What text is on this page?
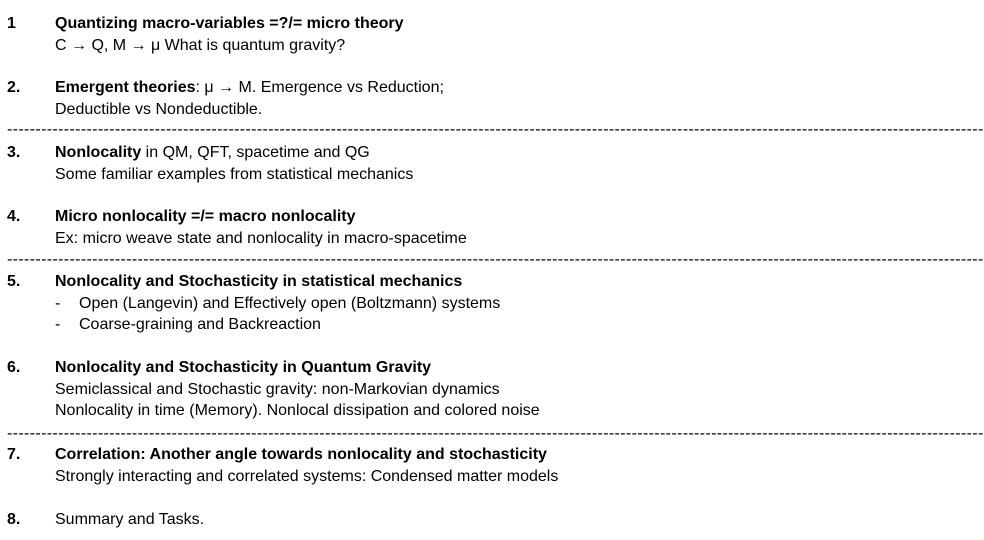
1 Quantizing macro-variables =?/= micro theory
C → Q, M → μ What is quantum gravity?
2. Emergent theories: μ → M. Emergence vs Reduction;
Deductible vs Nondeductible.
----------------------------------------------------------------------------------------------------------------------------------------------------------------------------
3. Nonlocality in QM, QFT, spacetime and QG
Some familiar examples from statistical mechanics
4. Micro nonlocality =/= macro nonlocality
Ex: micro weave state and nonlocality in macro-spacetime
----------------------------------------------------------------------------------------------------------------------------------------------------------------------------
5. Nonlocality and Stochasticity in statistical mechanics
- Open (Langevin) and Effectively open (Boltzmann) systems
- Coarse-graining and Backreaction
6. Nonlocality and Stochasticity in Quantum Gravity
Semiclassical and Stochastic gravity: non-Markovian dynamics
Nonlocality in time (Memory). Nonlocal dissipation and colored noise
----------------------------------------------------------------------------------------------------------------------------------------------------------------------------
7. Correlation: Another angle towards nonlocality and stochasticity
Strongly interacting and correlated systems: Condensed matter models
8. Summary and Tasks.
